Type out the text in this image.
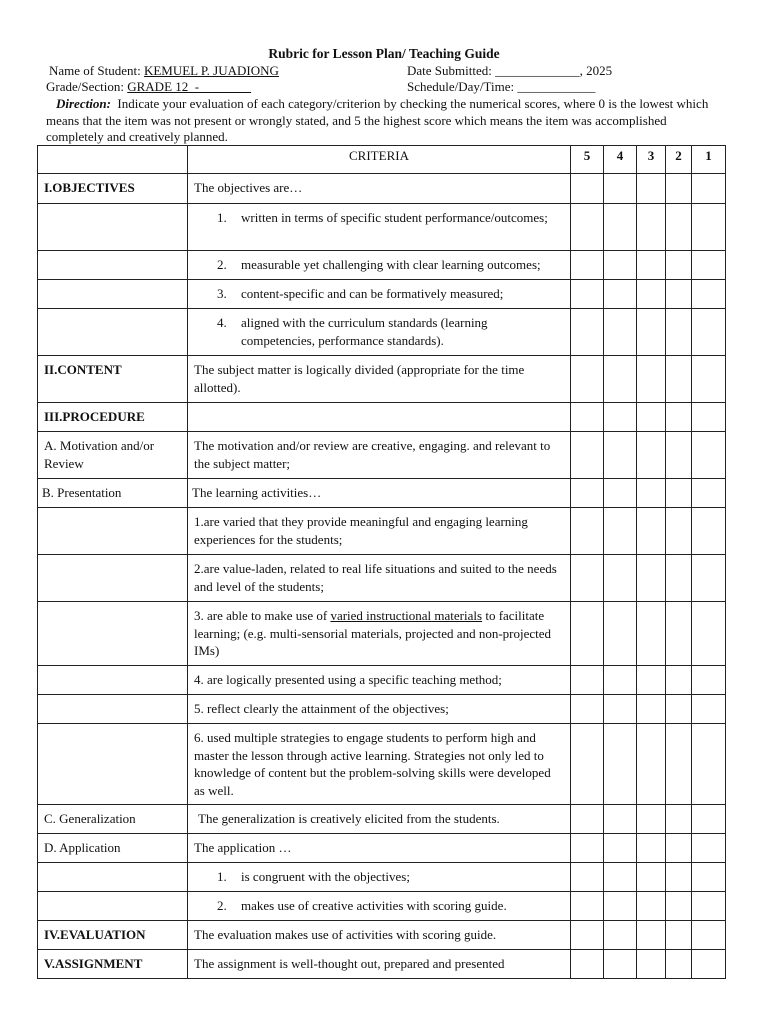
Rubric for Lesson Plan/ Teaching Guide
Name of Student: KEMUEL P. JUADIONG	Date Submitted: _____________, 2025
Grade/Section: GRADE 12  -	Schedule/Day/Time: ____________
Direction: Indicate your evaluation of each category/criterion by checking the numerical scores, where 0 is the lowest which means that the item was not present or wrongly stated, and 5 the highest score which means the item was accomplished completely and creatively planned.
	CRITERIA	5	4	3	2	1
I.OBJECTIVES	The objectives are…					

	1. written in terms of specific student performance/outcomes;					

	2. measurable yet challenging with clear learning outcomes;					

	3. content-specific and can be formatively measured;					

	4. aligned with the curriculum standards (learning competencies, performance standards).					

II.CONTENT	The subject matter is logically divided (appropriate for the time allotted).					
III.PROCEDURE						
A. Motivation and/or Review	The motivation and/or review are creative, engaging. and relevant to the subject matter;					
B. Presentation	The learning activities…					
	1.are varied that they provide meaningful and engaging learning experiences for the students;					
	2.are value-laden, related to real life situations and suited to the needs and level of the students;					
	3. are able to make use of varied instructional materials to facilitate learning; (e.g. multi-sensorial materials, projected and non-projected IMs)					
	4. are logically presented using a specific teaching method;					
	5. reflect clearly the attainment of the objectives;					
	6. used multiple strategies to engage students to perform high and master the lesson through active learning. Strategies not only led to knowledge of content but the problem-solving skills were developed as well.					
C. Generalization	The generalization is creatively elicited from the students.					
D. Application	The application …					

	1. is congruent with the objectives;					

	2. makes use of creative activities with scoring guide.					

IV.EVALUATION	The evaluation makes use of activities with scoring guide.					
V.ASSIGNMENT	The assignment is well-thought out, prepared and presented					
